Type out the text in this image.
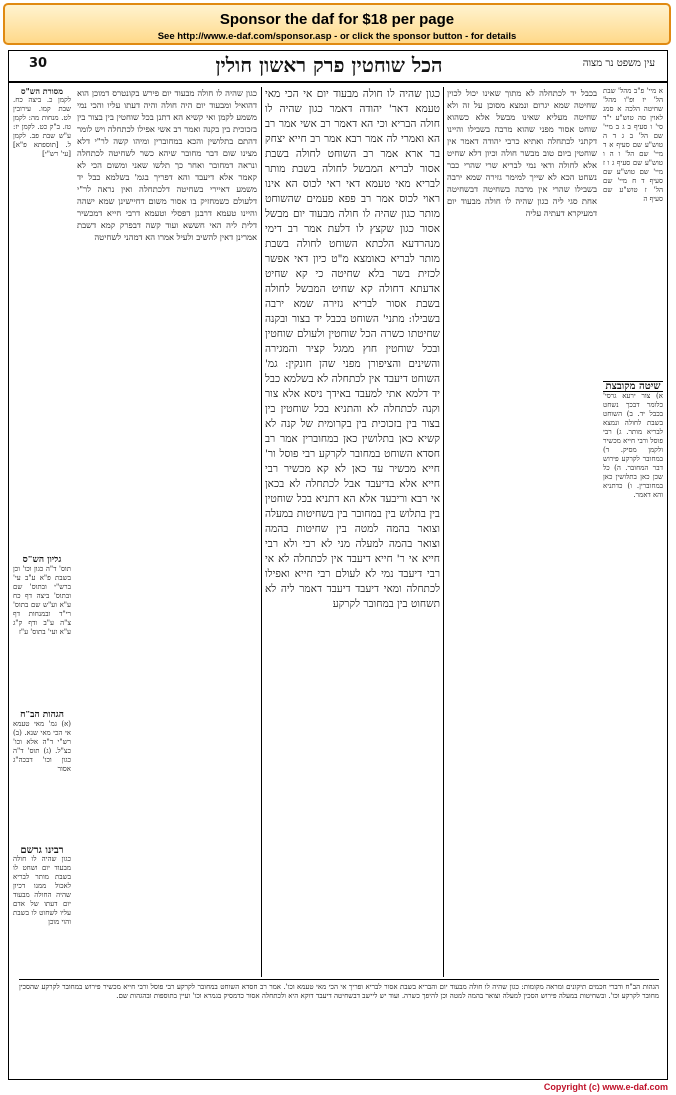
Sponsor the daf for $18 per page
See http://www.e-daf.com/sponsor.asp - or click the sponsor button - for details
30	הכל שוחטין פרק ראשון חולין	עין משפט נר מצוה
מסורת הש"ס
לקמן כ. ביצה כח. שבת קמו. עירובין לט. מנחות מה: לקמן טז. ב"ק כט. לקמן יז: ע"ש שבת פב. לקמן ל. [תוספתא פ"א] [עי' רש"י]
גליון הש"ס
תוס' ד"ה כגון וכו' וכן בשבת פ"א ע"ב עי' ברש"י ובתוס' שם ובתוס' ביצה דף כח ע"א וע"ש שם בתוס' רי"ד ובמנחות דף צ"ה ע"ב ודף ק"ג ע"א ועי' בתוס' ע"ז
הגהות הב"ח
(א) גמ' מאי טעמא אי הכי מאי שנא. (ב) רש"י ד"ה אלא וכו' כצ"ל. (ג) תוס' ד"ה כגון וכו' דבכה"ג אסור
רבינו גרשם
כגון שהיה לו חולה מבעוד יום ושחט לו בשבת מותר לבריא לאכול ממנו דכיון שהיה החולה מבעוד יום דעתו של אדם עליו לשחוט לו בשבת והוי מוכן
כגון שהיה לו חולה מבעוד יום פירש בקונטרס דמוכן הוא דהואיל ומבעוד יום היה חולה והיה דעתו עליו והכי נמי משמע לקמן ואי קשיא הא דתנן בכל שוחטין בין בצור בין בזכוכית בין בקנה ואמר רב אשי אפילו לכתחלה ויש לומר דהתם בתלושין והכא במחוברין ומיהו קשה לר"י דלא מצינו שום דבר מחובר שיהא כשר לשחיטה לכתחלה ונראה דמחובר ואחר כך תלשו שאני ומשום הכי לא קאמר אלא דיעבד והא דפריך בגמ' בשלמא כבל יד משמע דאיירי בשחיטה דלכתחלה ואין נראה לר"י דלעולם כשמחזיק בו אסור משום דחיישינן שמא ישהה והיינו טעמא דרבנן דפסלי וטעמא דרבי חייא דמכשיר דלית ליה האי חששא ועוד קשה דבפרק קמא דשבת אמרינן דאין להשיב ולעיל אמרו הא דמהני לשחיטה
כגון שהיה לו חולה מבעוד יום אי הכי מאי טעמא דאר' יהודה דאמר כגון שהיה לו חולה הבריא וכי הא דאמר רב אשי אמר רב הא ואמרי לה אמר רבא אמר רב חייא יצחק בר ארא אמר רב השוחט לחולה בשבת אסור לבריא המבשל לחולה בשבת מותר לבריא מאי טעמא דאי ראי לכוס הא אינו ראוי לכוס אמר רב פפא פעמים שהשוחט מותר כגון שהיה לו חולה מבעוד יום מבשל אסור כגון שקצץ לו דלעת אמר רב דימי מנהרדעא הלכתא השוחט לחולה בשבת מותר לבריא כאומצא מ"ט כיון דאי אפשר לכזית בשר בלא שחיטה כי קא שחיט אדעתא דחולה קא שחיט המבשל לחולה בשבת אסור לבריא גזירה שמא ירבה בשבילו: מתני' השוחט בכבל יד בצור ובקנה שחיטתו כשרה הכל שוחטין ולעולם שוחטין ובכל שוחטין חוץ ממגל קציר והמגירה והשינים והציפורן מפני שהן חונקין: גמ' השוחט דיעבד אין לכתחלה לא בשלמא כבל יד דלמא אתי למעבד באידך ניסא אלא צור וקנה לכתחלה לא והתניא בכל שוחטין בין בצור בין בזכוכית בין בקרומית של קנה לא קשיא כאן בתלושין כאן במחוברין אמר רב חסדא השוחט במחובר לקרקע רבי פוסל ור' חייא מכשיר עד כאן לא קא מכשיר רבי חייא אלא בדיעבד אבל לכתחלה לא בכאן אי רבא וריבעד אלא הא דתניא בכל שוחטין בין בתלוש בין במחובר בין בשחיטות במעלה וצואר בהמה למטה בין שחיטות בהמה וצואר בהמה למעלה מני לא רבי ולא רבי חייא אי ר' חייא דיעבד אין לכתחלה לא אי רבי דיעבד נמי לא לעולם רבי חייא ואפילו לכתחלה ומאי דיעבד דיעבד דאמר ליה לא תשחוט בין במחובר לקרקע
בכבל יד לכתחלה לא מתוך שאינו יכול לכוין שחיטה שמא יגרום ונמצא מסוכן על זה ולא שחיטה מעליא שאינו מבשל אלא כשהוא שוחט אסור מפני שהוא מרבה בשבילו והיינו דקתני לכתחלה ואתיא כרבי יהודה דאמר אין שוחטין ביום טוב מבשר חולה וכיון דלא שחיט אלא לחולה ודאי נמי לבריא שרי שהרי כבר נשחט הכא לא שייך למימר גזירה שמא ירבה בשבילו שהרי אין מרבה בשחיטה דבשחיטה אחת סגי ליה כגון שהיה לו חולה מבעוד יום דמעיקרא דעתיה עליה
א מיי' פ"ב מהל' שבת הל' יז ופ"ו מהל' שחיטה הלכה א סמג לאוין סה טוש"ע י"ד סי' ו סעיף ב ג ב מיי' שם הל' ב ג ד ה טוש"ע שם סעיף א ד מיי' שם הל' ו ה ו טוש"ע שם סעיף ג ו ז מיי' שם טוש"ע שם סעיף ד ח מיי' שם הל' ז טוש"ע שם סעיף ה
שיטה מקובצת
א) צור ירעא גרסי' כלומר דבכך נשחט בכבל יד. ב) השוחט בשבת לחולה ונמצא לבריא מותר. ג) רבי פוסל ורבי חייא מכשיר ולקמן מסיק. ד) במחובר לקרקע פירוש דבר המחובר. ה) כל שכן כאן בתלושין כאן במחוברין. ו) כדתניא והא דאמר.
הגהות הב"ח ודברי חכמים תיקונים ומראה מקומות: כגון שהיה לו חולה מבעוד יום והבריא בשבת אסור לבריא ופריך אי הכי מאי טעמא וכו'. אמר רב חסדא השוחט במחובר לקרקע רבי פוסל ורבי חייא מכשיר פירוש במחובר לקרקע שהסכין מחובר לקרקע וכו'. ובשחיטות במעלה פירוש הסכין למעלה וצואר בהמה למטה וכן להיפך כשרה. ועוד יש ליישב דבשחיטה דיעבד דוקא היא ולכתחלה אסור כדמסיק בגמרא וכו' ועיין בתוספות ובהגהות שם.
Copyright (c) www.e-daf.com
